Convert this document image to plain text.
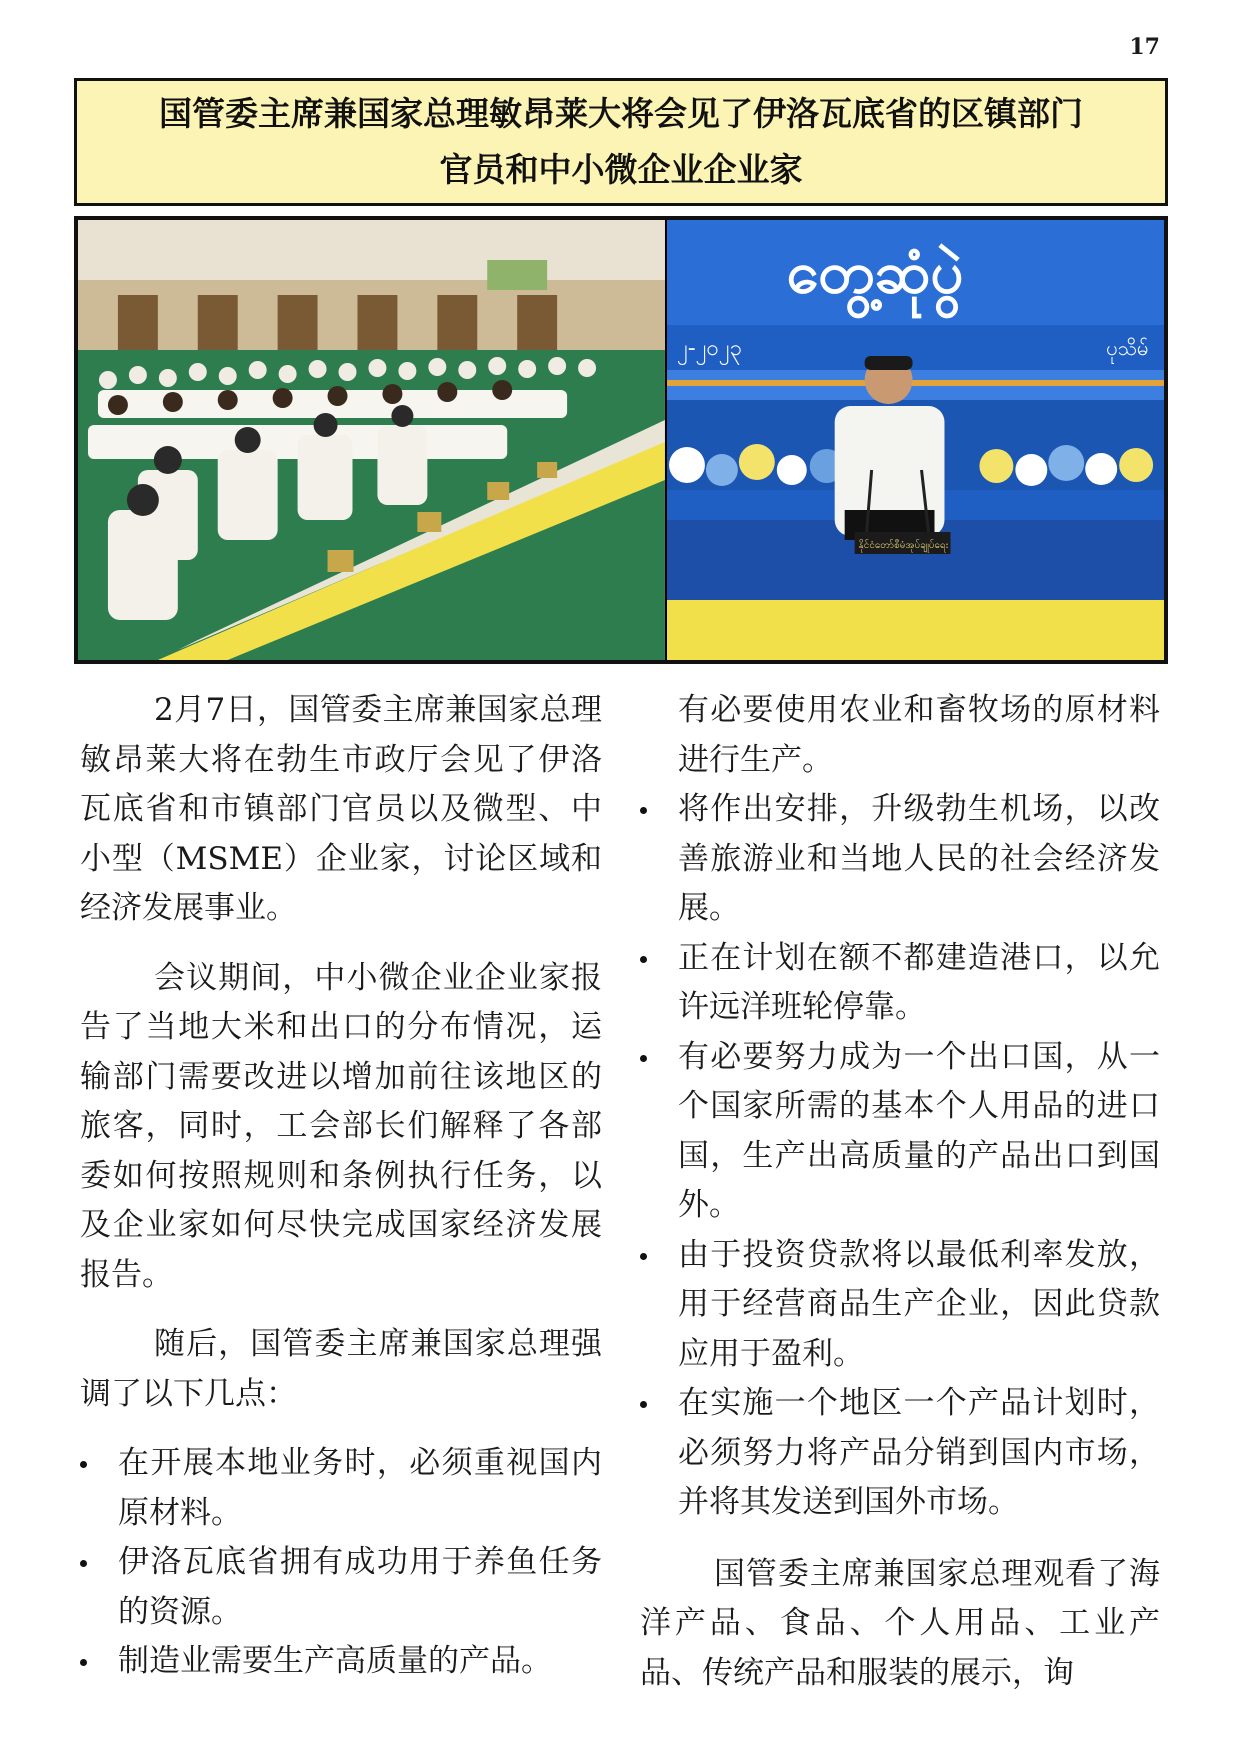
17
国管委主席兼国家总理敏昂莱大将会见了伊洛瓦底省的区镇部门
官员和中小微企业企业家
တွေ့ဆုံပွဲ
၂-၂၀၂၃	ပုသိမ်
နိုင်ငံတော်စီမံအုပ်ချုပ်ရေး

2月7日，国管委主席兼国家总理敏昂莱大将在勃生市政厅会见了伊洛瓦底省和市镇部门官员以及微型、中小型（MSME）企业家，讨论区域和经济发展事业。

会议期间，中小微企业企业家报告了当地大米和出口的分布情况，运输部门需要改进以增加前往该地区的旅客，同时，工会部长们解释了各部委如何按照规则和条例执行任务，以及企业家如何尽快完成国家经济发展报告。

随后，国管委主席兼国家总理强调了以下几点：

在开展本地业务时，必须重视国内原材料。
伊洛瓦底省拥有成功用于养鱼任务的资源。
制造业需要生产高质量的产品。

有必要使用农业和畜牧场的原材料进行生产。

将作出安排，升级勃生机场，以改善旅游业和当地人民的社会经济发展。
正在计划在额不都建造港口，以允许远洋班轮停靠。
有必要努力成为一个出口国，从一个国家所需的基本个人用品的进口国，生产出高质量的产品出口到国外。
由于投资贷款将以最低利率发放，用于经营商品生产企业，因此贷款应用于盈利。
在实施一个地区一个产品计划时，必须努力将产品分销到国内市场，并将其发送到国外市场。

国管委主席兼国家总理观看了海洋产品、食品、个人用品、工业产品、传统产品和服装的展示，询
